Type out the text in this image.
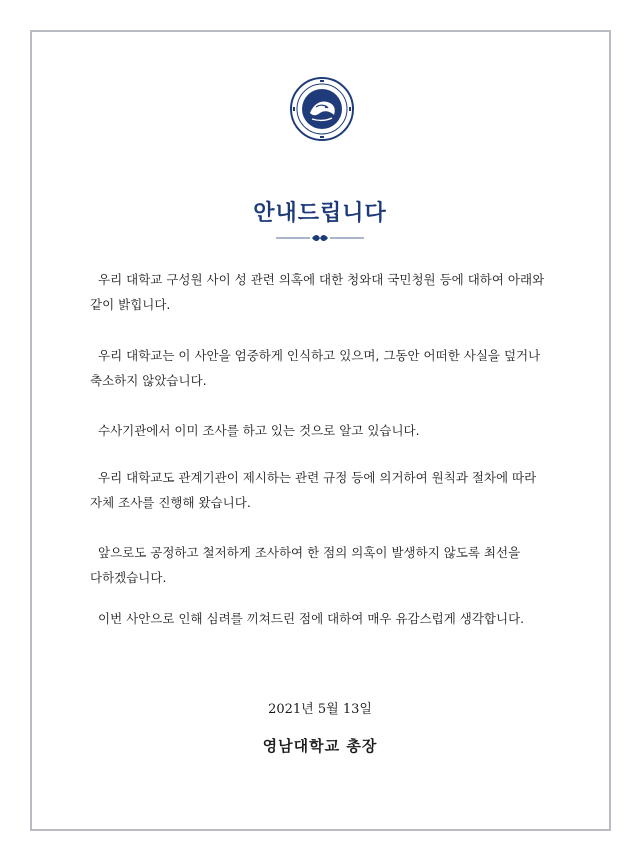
안내드립니다

우리 대학교 구성원 사이 성 관련 의혹에 대한 청와대 국민청원 등에 대하여 아래와 같이 밝힙니다.

우리 대학교는 이 사안을 엄중하게 인식하고 있으며, 그동안 어떠한 사실을 덮거나 축소하지 않았습니다.

수사기관에서 이미 조사를 하고 있는 것으로 알고 있습니다.

우리 대학교도 관계기관이 제시하는 관련 규정 등에 의거하여 원칙과 절차에 따라 자체 조사를 진행해 왔습니다.

앞으로도 공정하고 철저하게 조사하여 한 점의 의혹이 발생하지 않도록 최선을 다하겠습니다.

이번 사안으로 인해 심려를 끼쳐드린 점에 대하여 매우 유감스럽게 생각합니다.

2021년 5월 13일
영남대학교 총장
